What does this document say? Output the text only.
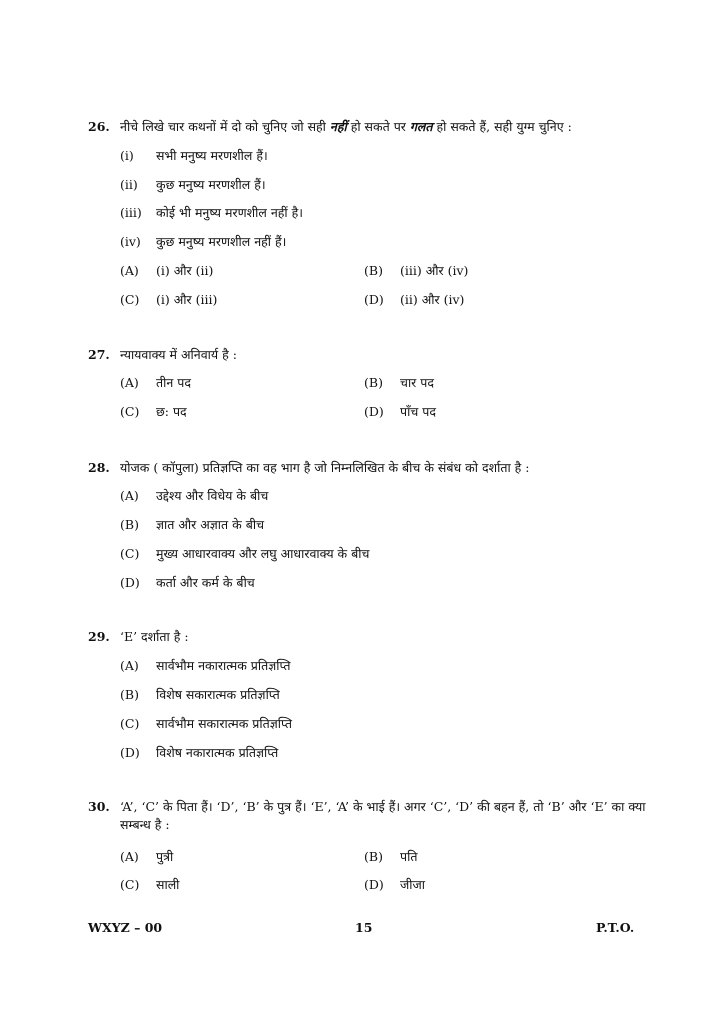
26. नीचे लिखे चार कथनों में दो को चुनिए जो सही नहीं हो सकते पर गलत हो सकते हैं, सही युग्म चुनिए :
(i) सभी मनुष्य मरणशील हैं।
(ii) कुछ मनुष्य मरणशील हैं।
(iii) कोई भी मनुष्य मरणशील नहीं है।
(iv) कुछ मनुष्य मरणशील नहीं हैं।
(A) (i) और (ii)	(B) (iii) और (iv)
(C) (i) और (iii)	(D) (ii) और (iv)
27. न्यायवाक्य में अनिवार्य है :
(A) तीन पद	(B) चार पद
(C) छ: पद	(D) पाँच पद
28. योजक ( कॉपुला) प्रतिज्ञप्ति का वह भाग है जो निम्नलिखित के बीच के संबंध को दर्शाता है :
(A) उद्देश्य और विधेय के बीच
(B) ज्ञात और अज्ञात के बीच
(C) मुख्य आधारवाक्य और लघु आधारवाक्य के बीच
(D) कर्ता और कर्म के बीच
29. ‘E’ दर्शाता है :
(A) सार्वभौम नकारात्मक प्रतिज्ञप्ति
(B) विशेष सकारात्मक प्रतिज्ञप्ति
(C) सार्वभौम सकारात्मक प्रतिज्ञप्ति
(D) विशेष नकारात्मक प्रतिज्ञप्ति
30. ‘A’, ‘C’ के पिता हैं। ‘D’, ‘B’ के पुत्र हैं। ‘E’, ‘A’ के भाई हैं। अगर ‘C’, ‘D’ की बहन हैं, तो ‘B’ और ‘E’ का क्या सम्बन्ध है :
(A) पुत्री	(B) पति
(C) साली	(D) जीजा
WXYZ – 00	15	P.T.O.
